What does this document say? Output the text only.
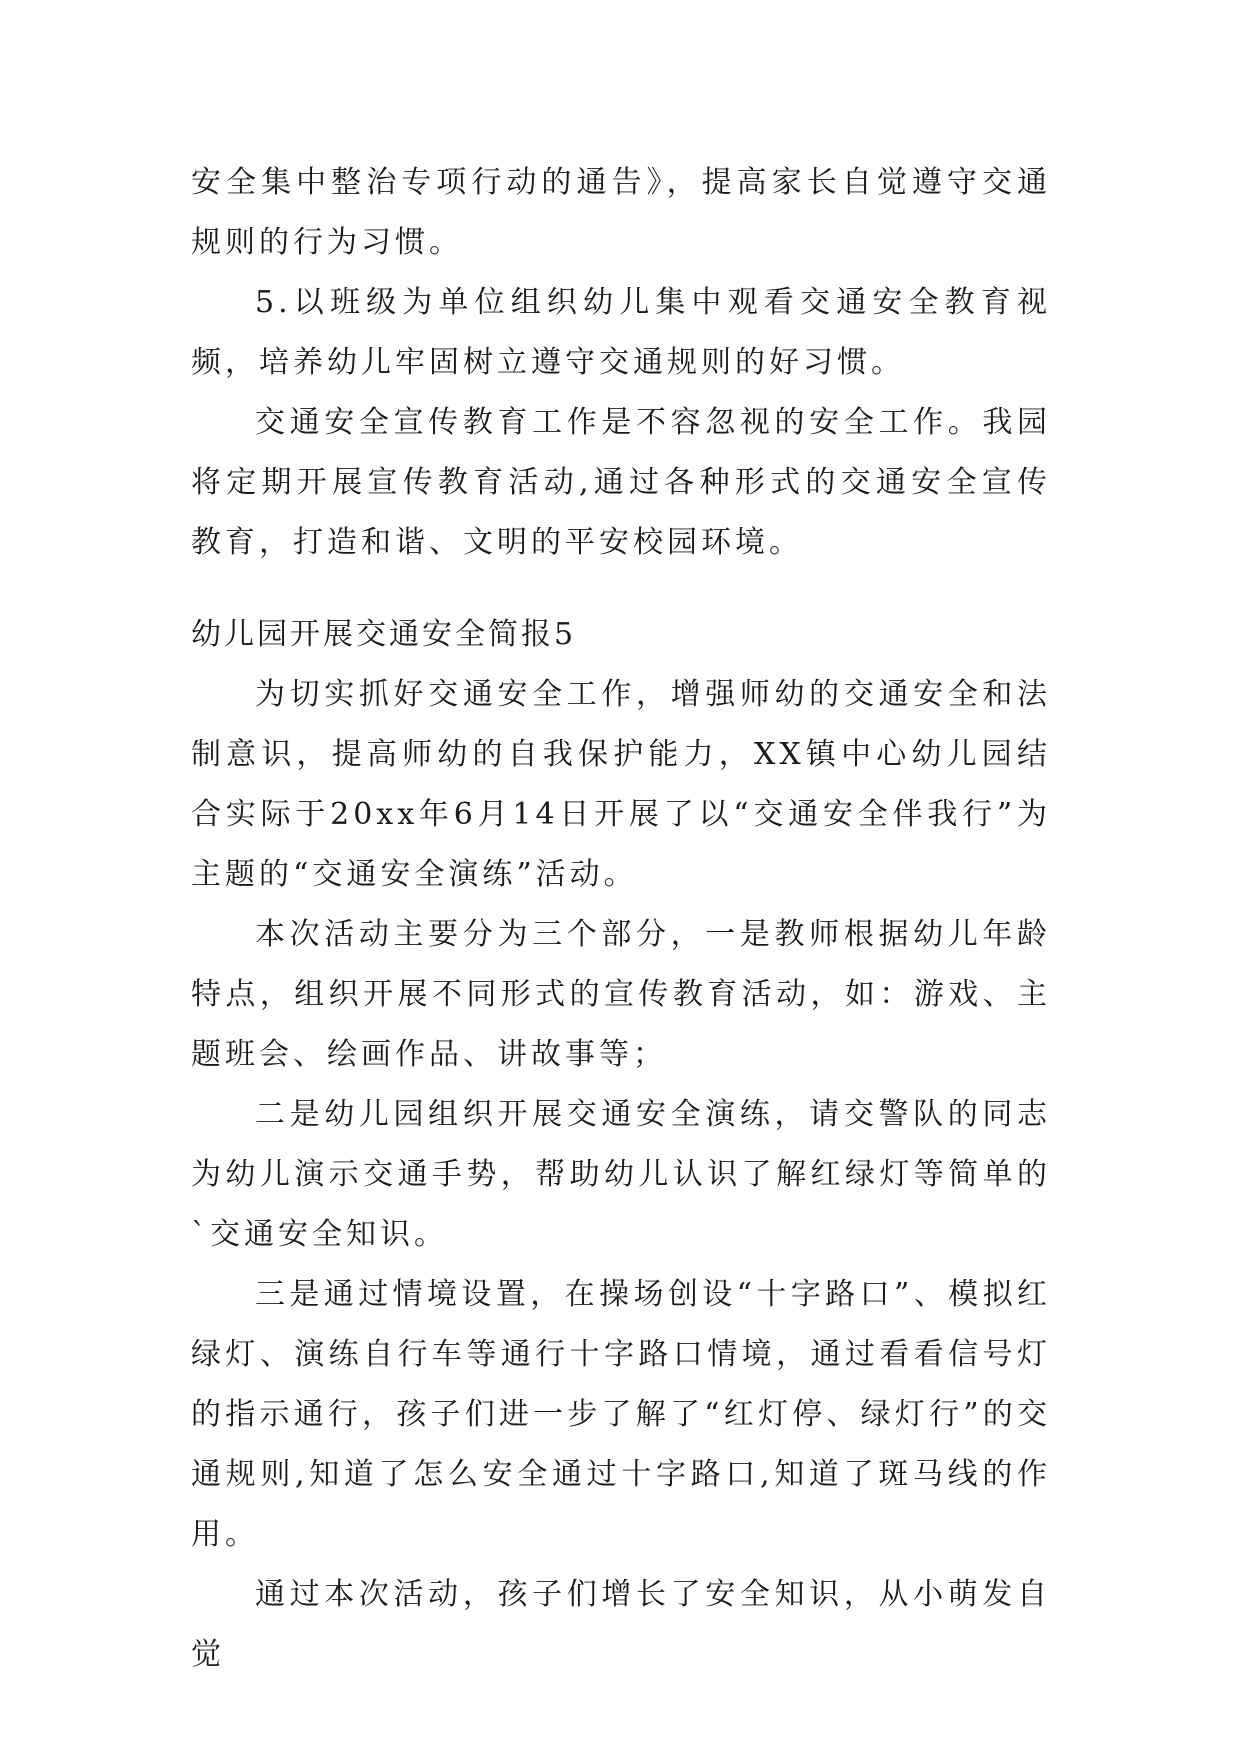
安全集中整治专项行动的通告》，提高家长自觉遵守交通规则的行为习惯。

5.以班级为单位组织幼儿集中观看交通安全教育视频，培养幼儿牢固树立遵守交通规则的好习惯。

交通安全宣传教育工作是不容忽视的安全工作。我园将定期开展宣传教育活动,通过各种形式的交通安全宣传教育，打造和谐、文明的平安校园环境。

幼儿园开展交通安全简报5

为切实抓好交通安全工作，增强师幼的交通安全和法制意识，提高师幼的自我保护能力，XX镇中心幼儿园结合实际于20xx年6月14日开展了以“交通安全伴我行”为主题的“交通安全演练”活动。

本次活动主要分为三个部分，一是教师根据幼儿年龄特点，组织开展不同形式的宣传教育活动，如：游戏、主题班会、绘画作品、讲故事等；

二是幼儿园组织开展交通安全演练，请交警队的同志为幼儿演示交通手势，帮助幼儿认识了解红绿灯等简单的`交通安全知识。

三是通过情境设置，在操场创设“十字路口”、模拟红绿灯、演练自行车等通行十字路口情境，通过看看信号灯的指示通行，孩子们进一步了解了“红灯停、绿灯行”的交通规则,知道了怎么安全通过十字路口,知道了斑马线的作用。

通过本次活动，孩子们增长了安全知识，从小萌发自觉
